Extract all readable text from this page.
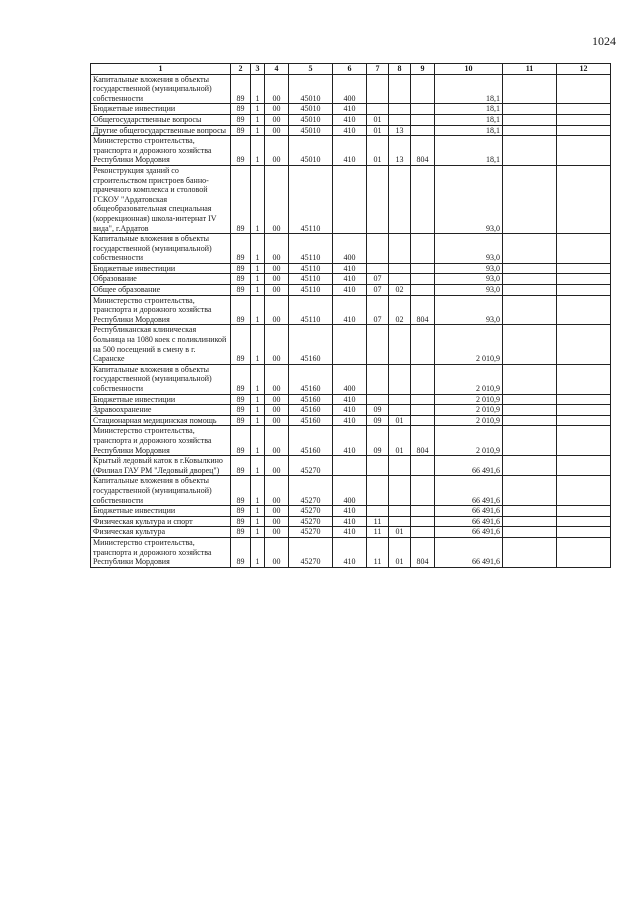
1024
1	2	3	4	5	6	7	8	9	10	11	12
Капитальные вложения в объекты государственной (муниципальной) собственности	89	1	00	45010	400				18,1		
Бюджетные инвестиции	89	1	00	45010	410				18,1		
Общегосударственные вопросы	89	1	00	45010	410	01			18,1		
Другие общегосударственные вопросы	89	1	00	45010	410	01	13		18,1		
Министерство строительства, транспорта и дорожного хозяйства Республики Мордовия	89	1	00	45010	410	01	13	804	18,1		
Реконструкция зданий со строительством пристроев банно-прачечного комплекса и столовой ГСКОУ "Ардатовская общеобразовательная специальная (коррекционная) школа-интернат IV вида", г.Ардатов	89	1	00	45110					93,0		
Капитальные вложения в объекты государственной (муниципальной) собственности	89	1	00	45110	400				93,0		
Бюджетные инвестиции	89	1	00	45110	410				93,0		
Образование	89	1	00	45110	410	07			93,0		
Общее образование	89	1	00	45110	410	07	02		93,0		
Министерство строительства, транспорта и дорожного хозяйства Республики Мордовия	89	1	00	45110	410	07	02	804	93,0		
Республиканская клиническая больница на 1080 коек с поликлиникой на 500 посещений в смену в г. Саранске	89	1	00	45160					2 010,9		
Капитальные вложения в объекты государственной (муниципальной) собственности	89	1	00	45160	400				2 010,9		
Бюджетные инвестиции	89	1	00	45160	410				2 010,9		
Здравоохранение	89	1	00	45160	410	09			2 010,9		
Стационарная медицинская помощь	89	1	00	45160	410	09	01		2 010,9		
Министерство строительства, транспорта и дорожного хозяйства Республики Мордовия	89	1	00	45160	410	09	01	804	2 010,9		
Крытый ледовый каток в г.Ковылкино (Филиал ГАУ РМ "Ледовый дворец")	89	1	00	45270					66 491,6		
Капитальные вложения в объекты государственной (муниципальной) собственности	89	1	00	45270	400				66 491,6		
Бюджетные инвестиции	89	1	00	45270	410				66 491,6		
Физическая культура и спорт	89	1	00	45270	410	11			66 491,6		
Физическая культура	89	1	00	45270	410	11	01		66 491,6		
Министерство строительства, транспорта и дорожного хозяйства Республики Мордовия	89	1	00	45270	410	11	01	804	66 491,6		
